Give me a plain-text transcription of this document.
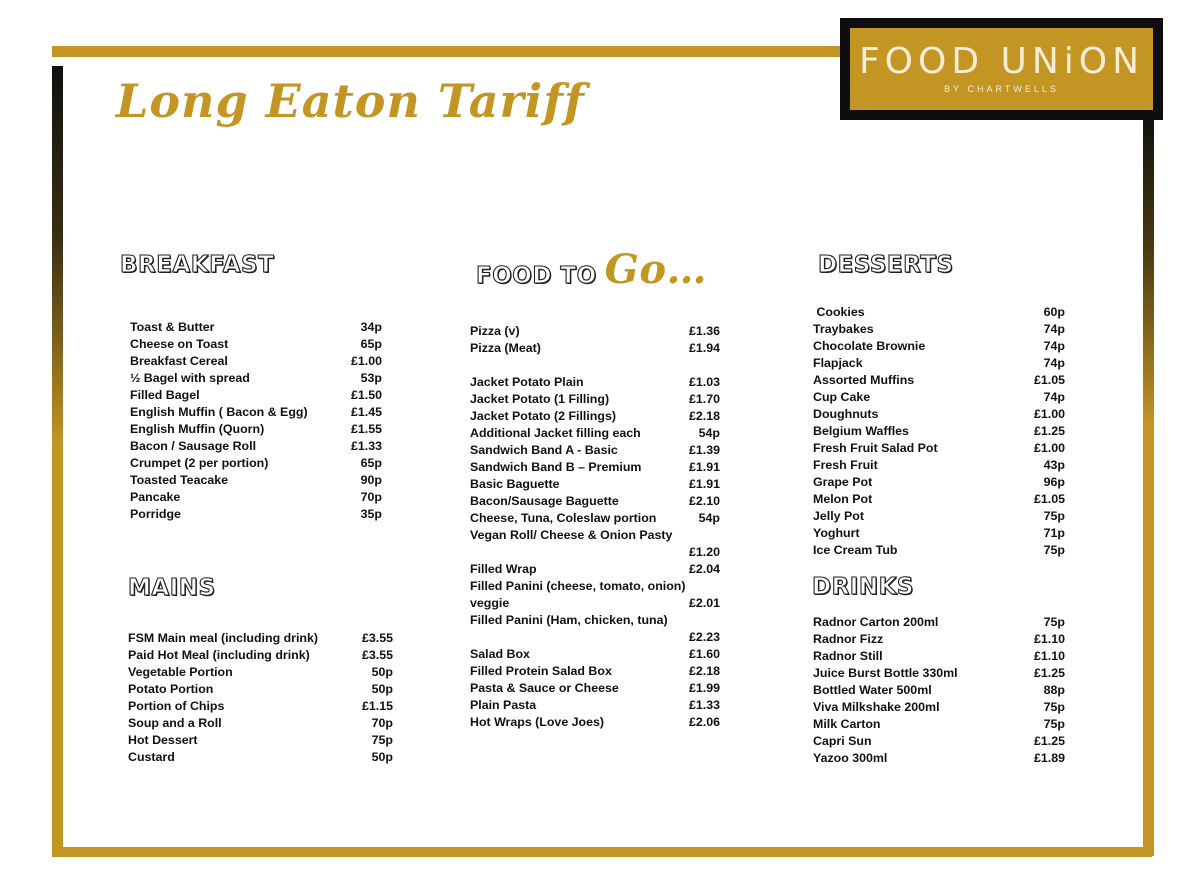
FOOD UNiON
BY CHARTWELLS
Long Eaton Tariff
BREAKFAST
Toast & Butter	34p
Cheese on Toast	65p
Breakfast Cereal	£1.00
½ Bagel with spread	53p
Filled Bagel	£1.50
English Muffin ( Bacon & Egg)	£1.45
English Muffin (Quorn)	£1.55
Bacon / Sausage Roll	£1.33
Crumpet (2 per portion)	65p
Toasted Teacake	90p
Pancake	70p
Porridge	35p
MAINS
FSM Main meal (including drink)	£3.55
Paid Hot Meal (including drink)	£3.55
Vegetable Portion	50p
Potato Portion	50p
Portion of Chips	£1.15
Soup and a Roll	70p
Hot Dessert	75p
Custard	50p
FOOD TO Go…
Pizza (v)	£1.36
Pizza (Meat)	£1.94
Jacket Potato Plain	£1.03
Jacket Potato (1 Filling)	£1.70
Jacket Potato (2 Fillings)	£2.18
Additional Jacket filling each	54p
Sandwich Band A - Basic	£1.39
Sandwich Band B – Premium	£1.91
Basic Baguette	£1.91
Bacon/Sausage Baguette	£2.10
Cheese, Tuna, Coleslaw portion	54p
Vegan Roll/ Cheese & Onion Pasty
£1.20
Filled Wrap	£2.04
Filled Panini (cheese, tomato, onion)
veggie	£2.01
Filled Panini (Ham, chicken, tuna)
£2.23
Salad Box	£1.60
Filled Protein Salad Box	£2.18
Pasta & Sauce or Cheese	£1.99
Plain Pasta	£1.33
Hot Wraps (Love Joes)	£2.06
DESSERTS
Cookies	60p
Traybakes	74p
Chocolate Brownie	74p
Flapjack	74p
Assorted Muffins	£1.05
Cup Cake	74p
Doughnuts	£1.00
Belgium Waffles	£1.25
Fresh Fruit Salad Pot	£1.00
Fresh Fruit	43p
Grape Pot	96p
Melon Pot	£1.05
Jelly Pot	75p
Yoghurt	71p
Ice Cream Tub	75p
DRINKS
Radnor Carton 200ml	75p
Radnor Fizz	£1.10
Radnor Still	£1.10
Juice Burst Bottle 330ml	£1.25
Bottled Water 500ml	88p
Viva Milkshake 200ml	75p
Milk Carton	75p
Capri Sun	£1.25
Yazoo 300ml	£1.89
